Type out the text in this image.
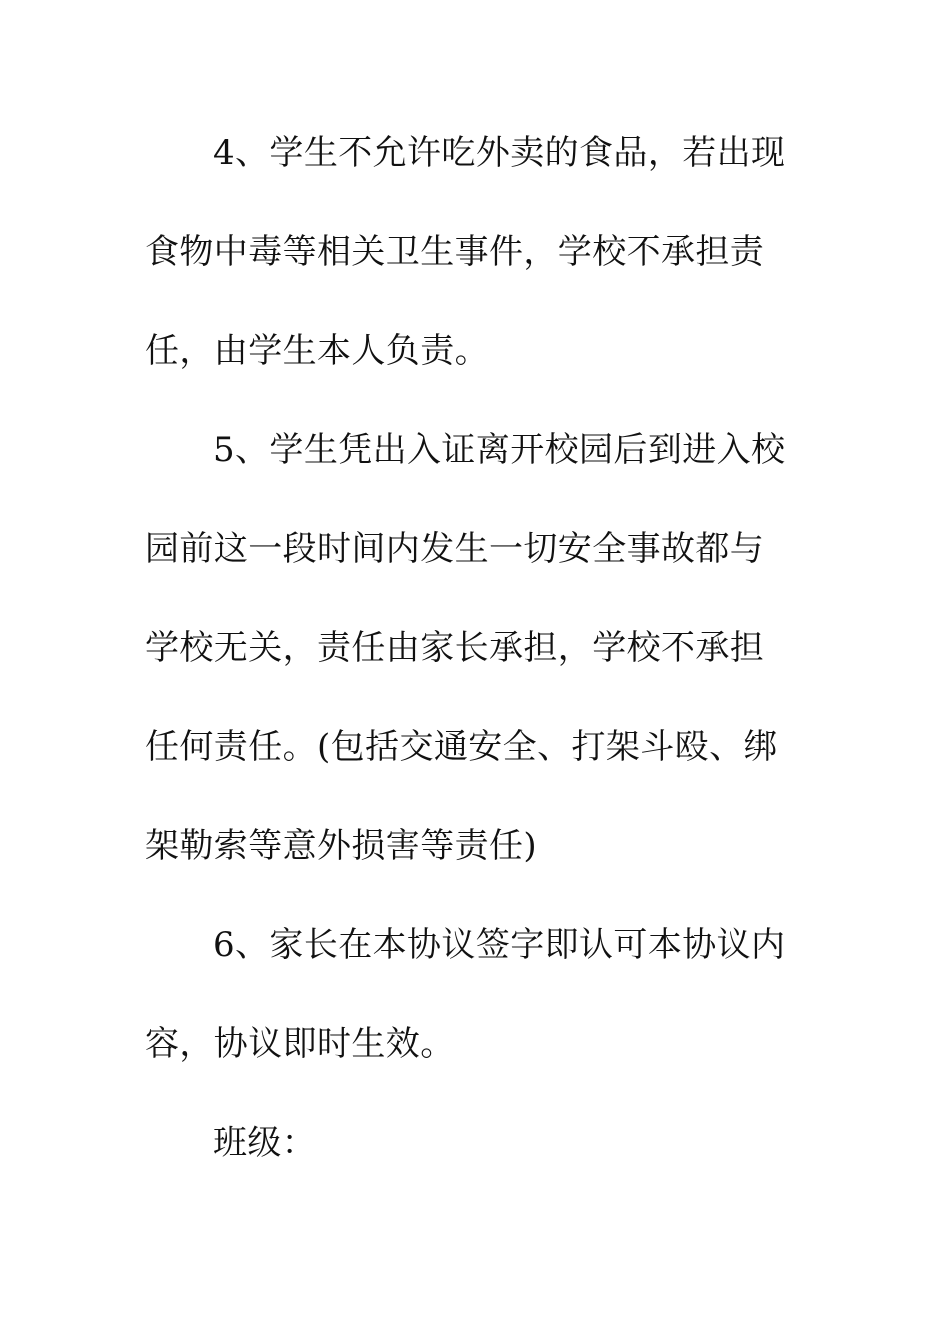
4、学生不允许吃外卖的食品，若出现
食物中毒等相关卫生事件，学校不承担责
任，由学生本人负责。
5、学生凭出入证离开校园后到进入校
园前这一段时间内发生一切安全事故都与
学校无关，责任由家长承担，学校不承担
任何责任。(包括交通安全、打架斗殴、绑
架勒索等意外损害等责任)
6、家长在本协议签字即认可本协议内
容，协议即时生效。
班级：
